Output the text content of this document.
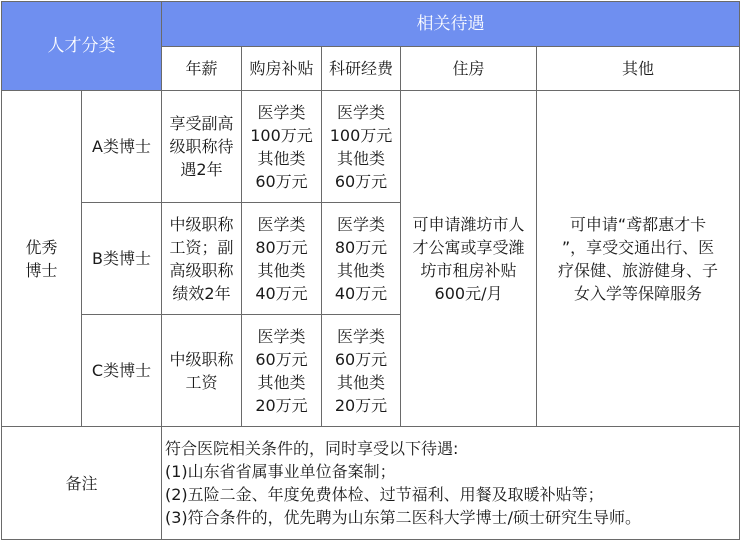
人才分类		相关待遇				
		年薪	购房补贴	科研经费	住房	其他

优秀
博士	A类博士	享受副高
级职称待
遇2年	医学类
100万元
其他类
60万元	医学类
100万元
其他类
60万元	可申请潍坊市人
才公寓或享受潍
坊市租房补贴
600元/月	可申请“鸢都惠才卡
”，享受交通出行、医
疗保健、旅游健身、子
女入学等保障服务

	B类博士	中级职称
工资；副
高级职称
绩效2年	医学类
80万元
其他类
40万元	医学类
80万元
其他类
40万元		

	C类博士	中级职称
工资	医学类
60万元
其他类
20万元	医学类
60万元
其他类
20万元		

备注		符合医院相关条件的，同时享受以下待遇:
(1)山东省省属事业单位备案制；
(2)五险二金、年度免费体检、过节福利、用餐及取暖补贴等；
(3)符合条件的，优先聘为山东第二医科大学博士/硕士研究生导师。				
